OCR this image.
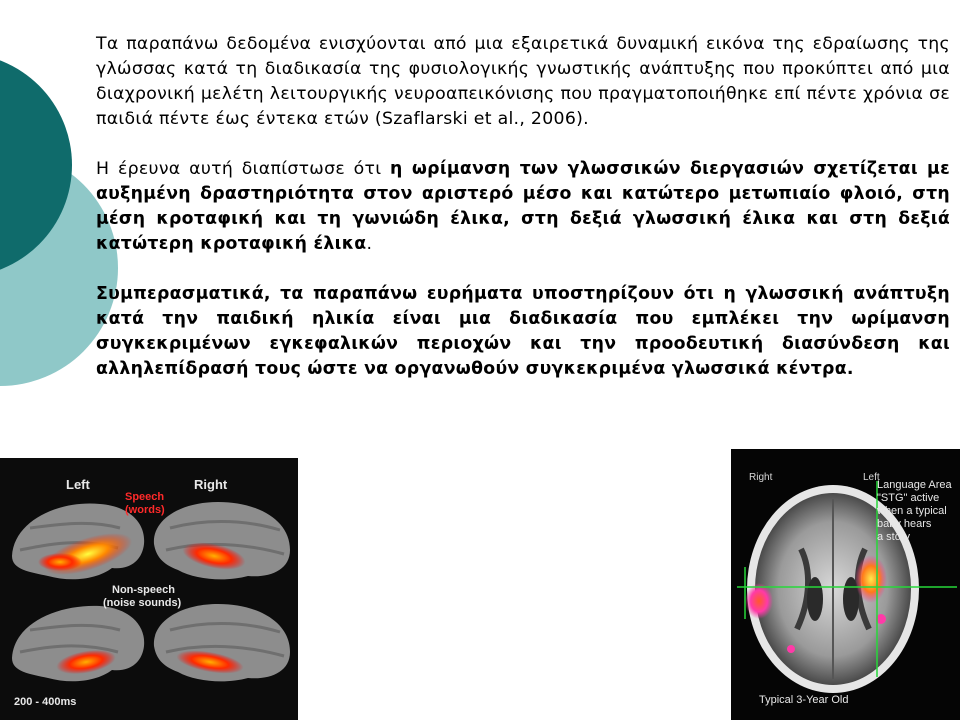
Τα παραπάνω δεδομένα ενισχύονται από μια εξαιρετικά δυναμική εικόνα της εδραίωσης της γλώσσας κατά τη διαδικασία της φυσιολογικής γνωστικής ανάπτυξης που προκύπτει από μια διαχρονική μελέτη λειτουργικής νευροαπεικόνισης που πραγματοποιήθηκε επί πέντε χρόνια σε παιδιά πέντε έως έντεκα ετών (Szaflarski et al., 2006).

Η έρευνα αυτή διαπίστωσε ότι η ωρίμανση των γλωσσικών διεργασιών σχετίζεται με αυξημένη δραστηριότητα στον αριστερό μέσο και κατώτερο μετωπιαίο φλοιό, στη μέση κροταφική και τη γωνιώδη έλικα, στη δεξιά γλωσσική έλικα και στη δεξιά κατώτερη κροταφική έλικα.

Συμπερασματικά, τα παραπάνω ευρήματα υποστηρίζουν ότι η γλωσσική ανάπτυξη κατά την παιδική ηλικία είναι μια διαδικασία που εμπλέκει την ωρίμανση συγκεκριμένων εγκεφαλικών περιοχών και την προοδευτική διασύνδεση και αλληλεπίδρασή τους ώστε να οργανωθούν συγκεκριμένα γλωσσικά κέντρα.

Left	Right
Speech
(words)
Non-speech
(noise sounds)
200 - 400ms
Right	Left
Language Area
"STG" active
when a typical
baby hears
a story
Typical 3-Year Old
